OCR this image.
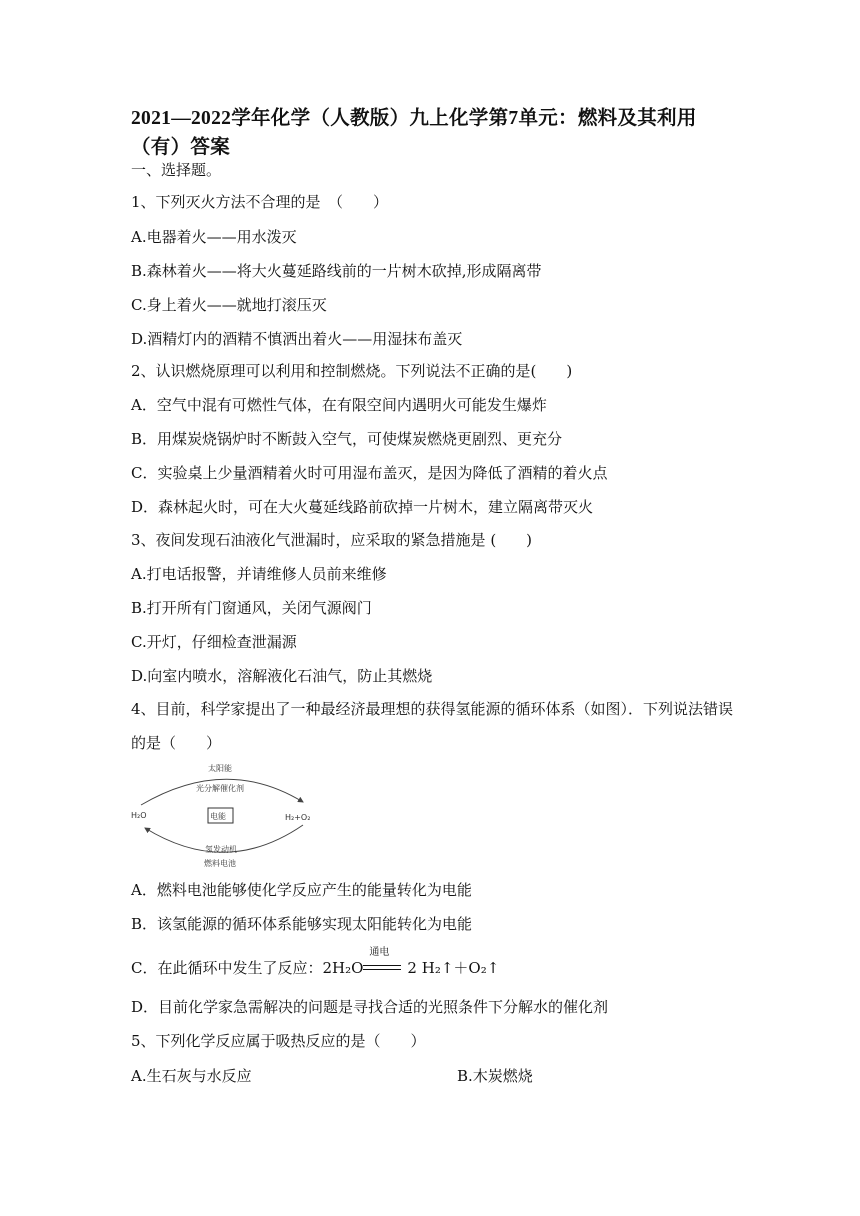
2021—2022学年化学（人教版）九上化学第7单元：燃料及其利用（有）答案
一、选择题。
1、下列灭火方法不合理的是　（　　）
A.电器着火——用水泼灭
B.森林着火——将大火蔓延路线前的一片树木砍掉,形成隔离带
C.身上着火——就地打滚压灭
D.酒精灯内的酒精不慎洒出着火——用湿抹布盖灭
2、认识燃烧原理可以利用和控制燃烧。下列说法不正确的是(　　)
A．空气中混有可燃性气体，在有限空间内遇明火可能发生爆炸
B．用煤炭烧锅炉时不断鼓入空气，可使煤炭燃烧更剧烈、更充分
C．实验桌上少量酒精着火时可用湿布盖灭，是因为降低了酒精的着火点
D．森林起火时，可在大火蔓延线路前砍掉一片树木，建立隔离带灭火
3、夜间发现石油液化气泄漏时，应采取的紧急措施是 (　　)
A.打电话报警，并请维修人员前来维修
B.打开所有门窗通风，关闭气源阀门
C.开灯，仔细检查泄漏源
D.向室内喷水，溶解液化石油气，防止其燃烧
4、目前，科学家提出了一种最经济最理想的获得氢能源的循环体系（如图）．下列说法错误的是（　　）
太阳能
光分解催化剂
H₂O	电能	H₂+O₂
氢发动机
燃料电池
A．燃料电池能够使化学反应产生的能量转化为电能
B．该氢能源的循环体系能够实现太阳能转化为电能
C．在此循环中发生了反应：2H₂O
通电
2 H₂↑＋O₂↑
D．目前化学家急需解决的问题是寻找合适的光照条件下分解水的催化剂
5、下列化学反应属于吸热反应的是（　　）
A.生石灰与水反应	B.木炭燃烧
